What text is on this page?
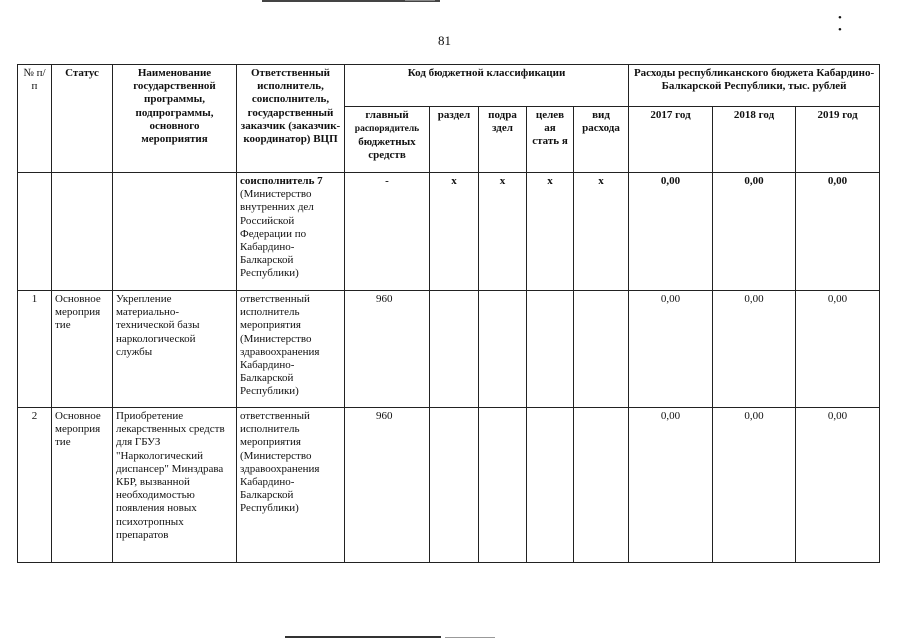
• •
81
№ п/п	Статус	Наименование государственной программы, подпрограммы, основного мероприятия	Ответственный исполнитель, соисполнитель, государственный заказчик (заказчик-координатор) ВЦП	Код бюджетной классификации					Расходы республиканского бюджета Кабардино-Балкарской Республики, тыс. рублей		
				главный
распорядитель
бюджетных средств	раздел	подра здел	целев ая стать я	вид расхода	2017 год	2018 год	2019 год
			соисполнитель 7
(Министерство внутренних дел Российской Федерации по Кабардино-Балкарской Республики)	-	x	x	x	x	0,00	0,00	0,00
1	Основное мероприя тие	Укрепление материально-технической базы наркологической службы	ответственный исполнитель мероприятия (Министерство здравоохранения Кабардино-Балкарской Республики)	960					0,00	0,00	0,00
2	Основное мероприя тие	Приобретение лекарственных средств для ГБУЗ "Наркологический диспансер" Минздрава КБР, вызванной необходимостью появления новых психотропных препаратов	ответственный исполнитель мероприятия (Министерство здравоохранения Кабардино-Балкарской Республики)	960					0,00	0,00	0,00
